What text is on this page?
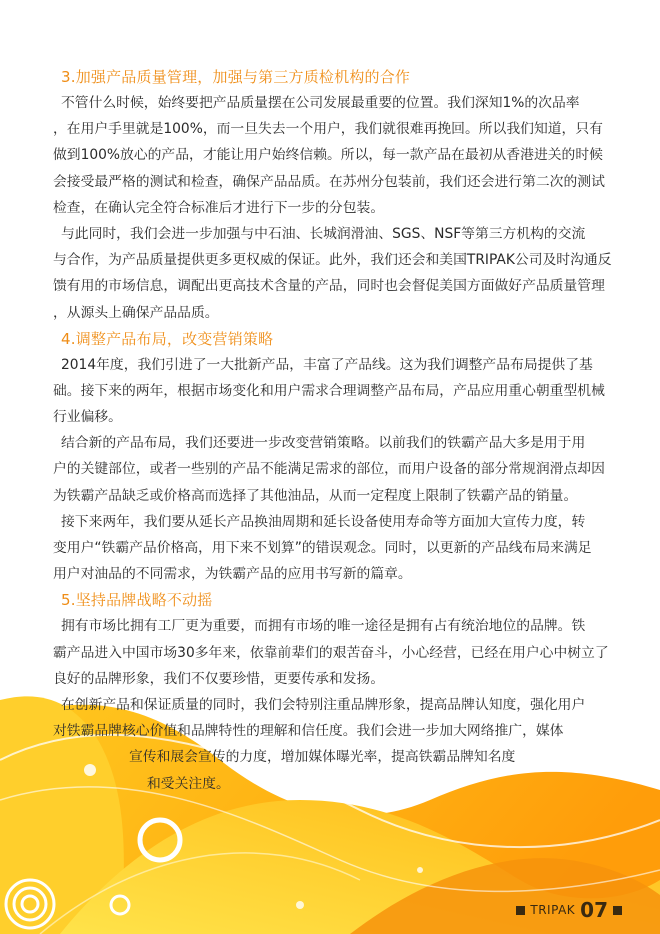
3.加强产品质量管理，加强与第三方质检机构的合作
不管什么时候，始终要把产品质量摆在公司发展最重要的位置。我们深知1%的次品率
，在用户手里就是100%，而一旦失去一个用户，我们就很难再挽回。所以我们知道，只有
做到100%放心的产品，才能让用户始终信赖。所以，每一款产品在最初从香港进关的时候
会接受最严格的测试和检查，确保产品品质。在苏州分包装前，我们还会进行第二次的测试
检查，在确认完全符合标准后才进行下一步的分包装。
与此同时，我们会进一步加强与中石油、长城润滑油、SGS、NSF等第三方机构的交流
与合作，为产品质量提供更多更权威的保证。此外，我们还会和美国TRIPAK公司及时沟通反
馈有用的市场信息，调配出更高技术含量的产品，同时也会督促美国方面做好产品质量管理
，从源头上确保产品品质。
4.调整产品布局，改变营销策略
2014年度，我们引进了一大批新产品，丰富了产品线。这为我们调整产品布局提供了基
础。接下来的两年，根据市场变化和用户需求合理调整产品布局，产品应用重心朝重型机械
行业偏移。
结合新的产品布局，我们还要进一步改变营销策略。以前我们的铁霸产品大多是用于用
户的关键部位，或者一些别的产品不能满足需求的部位，而用户设备的部分常规润滑点却因
为铁霸产品缺乏或价格高而选择了其他油品，从而一定程度上限制了铁霸产品的销量。
接下来两年，我们要从延长产品换油周期和延长设备使用寿命等方面加大宣传力度，转
变用户“铁霸产品价格高，用下来不划算”的错误观念。同时，以更新的产品线布局来满足
用户对油品的不同需求，为铁霸产品的应用书写新的篇章。
5.坚持品牌战略不动摇
拥有市场比拥有工厂更为重要，而拥有市场的唯一途径是拥有占有统治地位的品牌。铁
霸产品进入中国市场30多年来，依靠前辈们的艰苦奋斗，小心经营，已经在用户心中树立了
良好的品牌形象，我们不仅要珍惜，更要传承和发扬。
在创新产品和保证质量的同时，我们会特别注重品牌形象，提高品牌认知度，强化用户
对铁霸品牌核心价值和品牌特性的理解和信任度。我们会进一步加大网络推广，媒体
宣传和展会宣传的力度，增加媒体曝光率，提高铁霸品牌知名度
和受关注度。
TRIPAK 07
